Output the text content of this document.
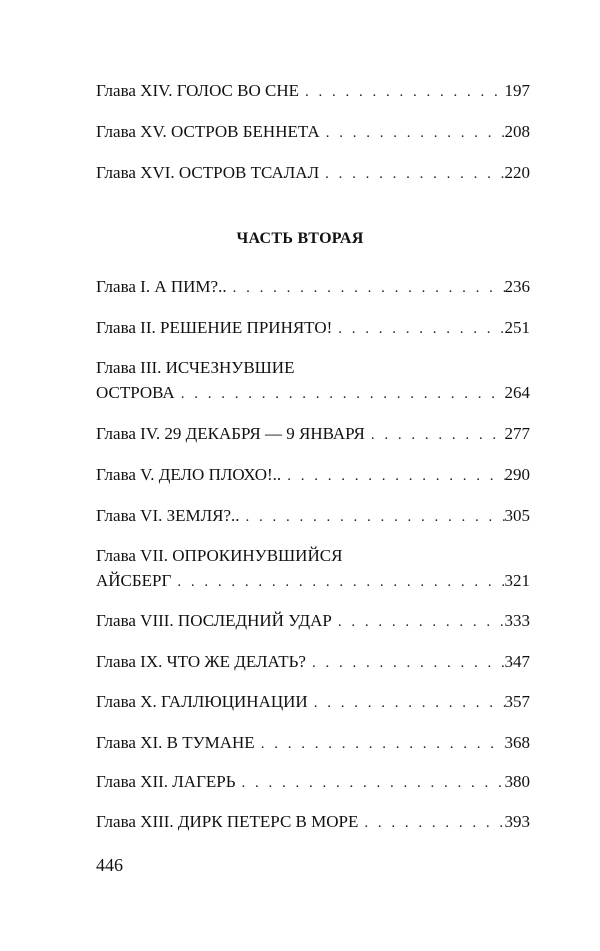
Глава XIV. ГОЛОС ВО СНЕ . . .	197
Глава XV. ОСТРОВ БЕННЕТА . . .	208
Глава XVI. ОСТРОВ ТСАЛАЛ . . .	220
ЧАСТЬ ВТОРАЯ
Глава I. А ПИМ?.. . . .	236
Глава II. РЕШЕНИЕ ПРИНЯТО! . . .	251
Глава III. ИСЧЕЗНУВШИЕ
ОСТРОВА . . .	264
Глава IV. 29 ДЕКАБРЯ — 9 ЯНВАРЯ . . .	277
Глава V. ДЕЛО ПЛОХО!.. . . .	290
Глава VI. ЗЕМЛЯ?.. . . .	305
Глава VII. ОПРОКИНУВШИЙСЯ
АЙСБЕРГ . . .	321
Глава VIII. ПОСЛЕДНИЙ УДАР . . .	333
Глава IX. ЧТО ЖЕ ДЕЛАТЬ? . . .	347
Глава X. ГАЛЛЮЦИНАЦИИ . . .	357
Глава XI. В ТУМАНЕ . . .	368
Глава XII. ЛАГЕРЬ . . .	380
Глава XIII. ДИРК ПЕТЕРС В МОРЕ . . .	393
446
